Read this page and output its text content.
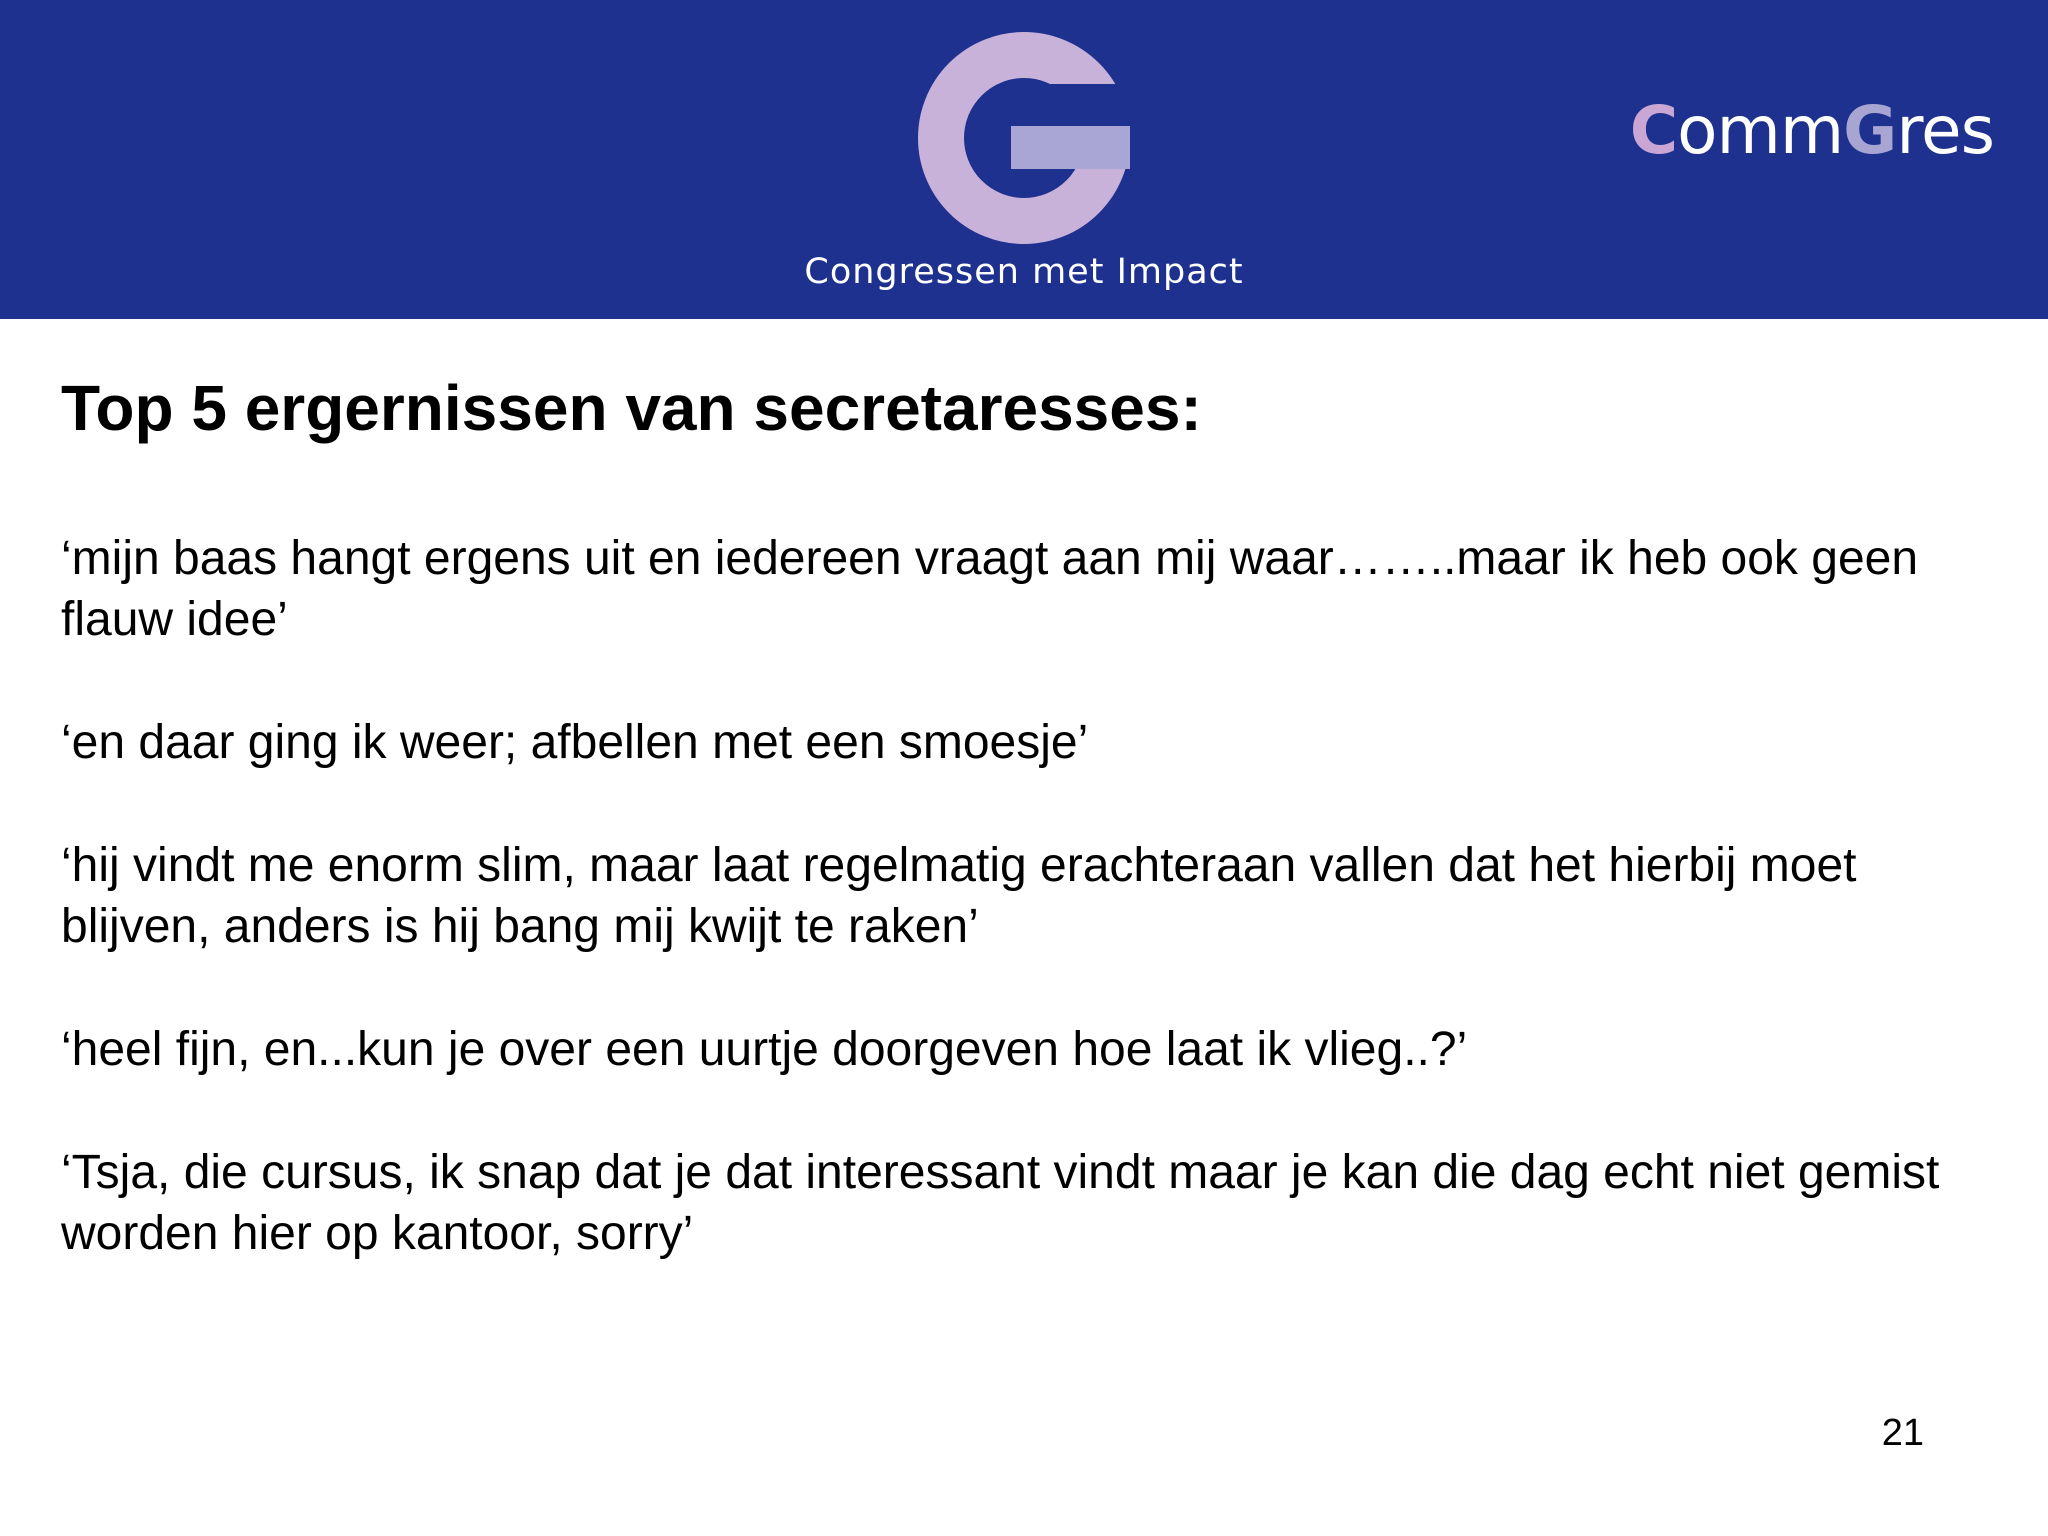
Congressen met Impact
CommGres
Top 5 ergernissen van secretaresses:
‘mijn baas hangt ergens uit en iedereen vraagt aan mij waar……..maar ik heb ook geen flauw idee’
‘en daar ging ik weer; afbellen met een smoesje’
‘hij vindt me enorm slim, maar laat regelmatig erachteraan vallen dat het hierbij moet blijven, anders is hij bang mij kwijt te raken’
‘heel fijn, en...kun je over een uurtje doorgeven hoe laat ik vlieg..?’
‘Tsja, die cursus, ik snap dat je dat interessant vindt maar je kan die dag echt niet gemist worden hier op kantoor, sorry’
21
